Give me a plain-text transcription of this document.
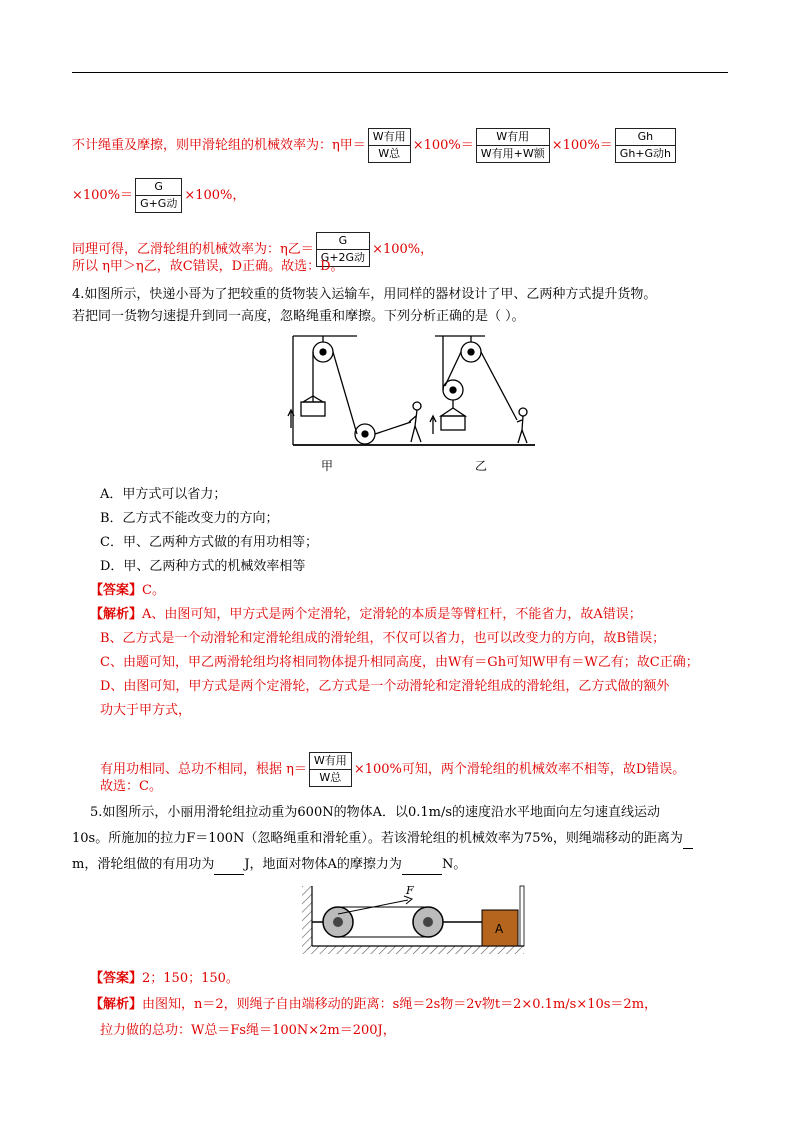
不计绳重及摩擦，则甲滑轮组的机械效率为：η甲＝ $\frac{\text{W有用}}{\text{W总}} \times 100\%= \frac{\text{W有用}}{\text{W有用+W额}} \times 100\%= \frac{Gh}{\text{Gh+G动h}}$
$\times 100\%= \frac{G}{\text{G+G动}} \times 100\%$，
同理可得，乙滑轮组的机械效率为：η乙＝ $\frac{G}{\text{G+2G动}} \times 100\%$，
所以 η甲＞η乙，故C错误，D正确。故选：D。
4.如图所示，快递小哥为了把较重的货物装入运输车，用同样的器材设计了甲、乙两种方式提升货物。
若把同一货物匀速提升到同一高度，忽略绳重和摩擦。下列分析正确的是（ ）。
甲	乙
A．甲方式可以省力；
B．乙方式不能改变力的方向；
C．甲、乙两种方式做的有用功相等；
D．甲、乙两种方式的机械效率相等
【答案】C。
【解析】A、由图可知，甲方式是两个定滑轮，定滑轮的本质是等臂杠杆，不能省力，故A错误；
B、乙方式是一个动滑轮和定滑轮组成的滑轮组，不仅可以省力，也可以改变力的方向，故B错误；
C、由题可知，甲乙两滑轮组均将相同物体提升相同高度，由W有＝Gh可知W甲有＝W乙有；故C正确；
D、由图可知，甲方式是两个定滑轮，乙方式是一个动滑轮和定滑轮组成的滑轮组，乙方式做的额外
功大于甲方式，
有用功相同、总功不相同，根据 $\eta= \frac{\text{W有用}}{\text{W总}} \times 100\%$可知，两个滑轮组的机械效率不相等，故D错误。
故选：C。
5.如图所示，小丽用滑轮组拉动重为600N的物体A．以0.1m/s的速度沿水平地面向左匀速直线运动
10s。所施加的拉力F＝100N（忽略绳重和滑轮重）。若该滑轮组的机械效率为75%，则绳端移动的距离为
m，滑轮组做的有用功为 J，地面对物体A的摩擦力为	N。
F
A
【答案】2；150；150。
【解析】由图知，n＝2，则绳子自由端移动的距离：s绳＝2s物＝2v物t＝2×0.1m/s×10s＝2m，
拉力做的总功：W总＝Fs绳＝100N×2m＝200J，
